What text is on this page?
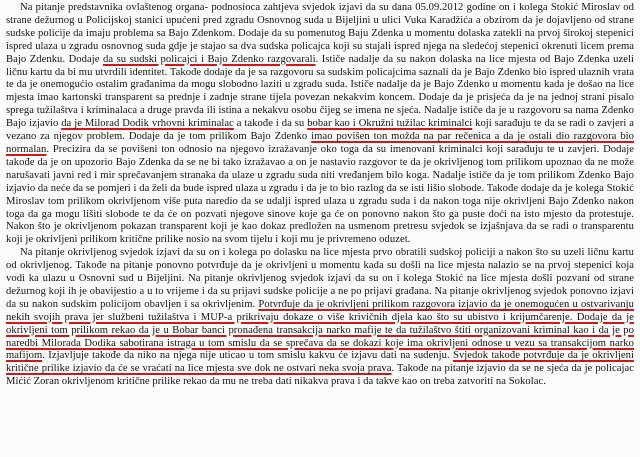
Na pitanje predstavnika ovlaštenog organa- podnosioca zahtjeva svjedok izjavi da su dana 05.09.2012 godine on i kolega Stokić Miroslav od strane dežurnog u Policijskoj stanici upućeni pred zgradu Osnovnog suda u Bijeljini u ulici Vuka Karadžića a obzirom da je dojavljeno od strane sudske policije da imaju problema sa Bajo Zdenkom. Dodaje da su pomenutog Baju Zdenka u momentu dolaska zatekli na prvoj širokoj stepenici ispred ulaza u zgradu osnovnog suda gdje je stajao sa dva sudska policajca koji su stajali ispred njega na sledećoj stepenici okrenuti licem prema Bajo Zdenku. Dodaje da su sudski policajci i Bajo Zdenko razgovarali. Ističe nadalje da su nakon dolaska na lice mjesta od Bajo Zdenka uzeli ličnu kartu da bi mu utvrdili identitet. Takođe dodaje da je sa razgovoru sa sudskim policajcima saznali da je Bajo Zdenko bio ispred ulaznih vrata te da je onemogućio ostalim građanima da mogu slobodno laziti u zgradu suda. Ističe nadalje da je Bajo Zdenko u momentu kada je došao na lice mjesta imao kartonski transparent sa prednje i zadnje strane tijela povezan nekakvim koncem. Dodaje da je prisjeća da je na jednoj strani pisalo sprega tužilaštva i kriminalaca a druge pravda ili istina a nekakvu osobu čijeg se imena ne sjeća. Nadalje ističe da je u razgovoru sa nama Zdenko Bajo izjavio da je Milorad Dodik vrhovni kriminalac a takođe i da su bobar kao i Okružni tužilac kriminalci koji sarađuju te da se radi o zavjeri a vezano za njegov problem. Dodaje da je tom prilikom Bajo Zdenko imao povišen ton možda na par rečenica a da je ostali dio razgovora bio normalan. Precizira da se povišeni ton odnosio na njegovo izražavanje oko toga da su imenovani kriminalci koji sarađuju te u zavjeri. Dodaje takođe da je on upozorio Bajo Zdenka da se ne bi tako izražavao a on je nastavio razgovor te da je okrivljenog tom prilikom upoznao da ne može narušavati javni red i mir sprečavanjem stranaka da ulaze u zgradu suda niti vređanjem bilo koga. Nadalje ističe da je tom prilikom Zdenko Bajo izjavio da neće da se pomjeri i da želi da bude ispred ulaza u zgradu i da je to bio razlog da se isti lišio slobode. Takođe dodaje da je kolega Stokić Miroslav tom prilikom okrivljenom više puta naredio da se udalji ispred ulaza u zgradu suda i da nakon toga nije okrivljeni Bajo Zdenko nakon toga da ga mogu lišiti slobode te da će on pozvati njegove sinove koje ga će on ponovno nakon što ga puste doći na isto mjesto da protestuje. Nakon što je okrivljenom pokazan transparent koji je kao dokaz predložen na usmenom pretresu svjedok se izjašnjava da se radi o transparentu koji je okrivljeni prilikom kritične prilike nosio na svom tijelu i koji mu je privremeno oduzet.

Na pitanje okrivljenog svjedok izjavi da su on i kolega po dolasku na lice mjesta prvo obratili sudskoj policiji a nakon što su uzeli ličnu kartu od okrivljenog. Takođe na pitanje ponovno potvrđuje da je okrivljeni u momentu kada su došli na lice mjesta nalazio se na prvoj stepenici koja vodi ka ulazu u Osnovni sud u Bijeljini. Na pitanje okrivljenog svjedok izjavi da su on i kolega Stokić na lice mjesta došli pozvani od strane dežurnog koji ih je obavijestio a u to vrijeme i da su prijavi sudske policije a ne po prijavi građana. Na pitanje okrivljenog svjedok ponovno izjavi da su nakon sudskim policijom obavljen i sa okrivljenim. Potvrđuje da je okrivljeni prilikom razgovora izjavio da je onemogućen u ostvarivanju nekih svojih prava jer službeni tužilaštva i MUP-a prikrivaju dokaze o više krivičnih djela kao što su ubistvo i krijumčarenje. Dodaje da je okrivljeni tom prilikom rekao da je u Bobar banci pronađena transakcija narko mafije te da tužilaštvo štiti organizovani kriminal kao i da je po naredbi Milorada Dodika sabotirana istraga u tom smislu da se sprečava da se dokazi koje ima okrivljeni odnose u vezu sa transakcijom narko mafijom. Izjavljuje takođe da niko na njega nije uticao u tom smislu kakvu će izjavu dati na sudenju. Svjedok takođe potvrđuje da je okrivljeni kritične prilike izjavio da će se vraćati na lice mjesta sve dok ne ostvari neka svoja prava. Takođe na pitanje izjavio da se ne sjeća da je policajac Mićić Zoran okrivljenom kritične prilike rekao da mu ne treba dati nikakva prava i da takve kao on treba zatvoriti na Sokolac.
